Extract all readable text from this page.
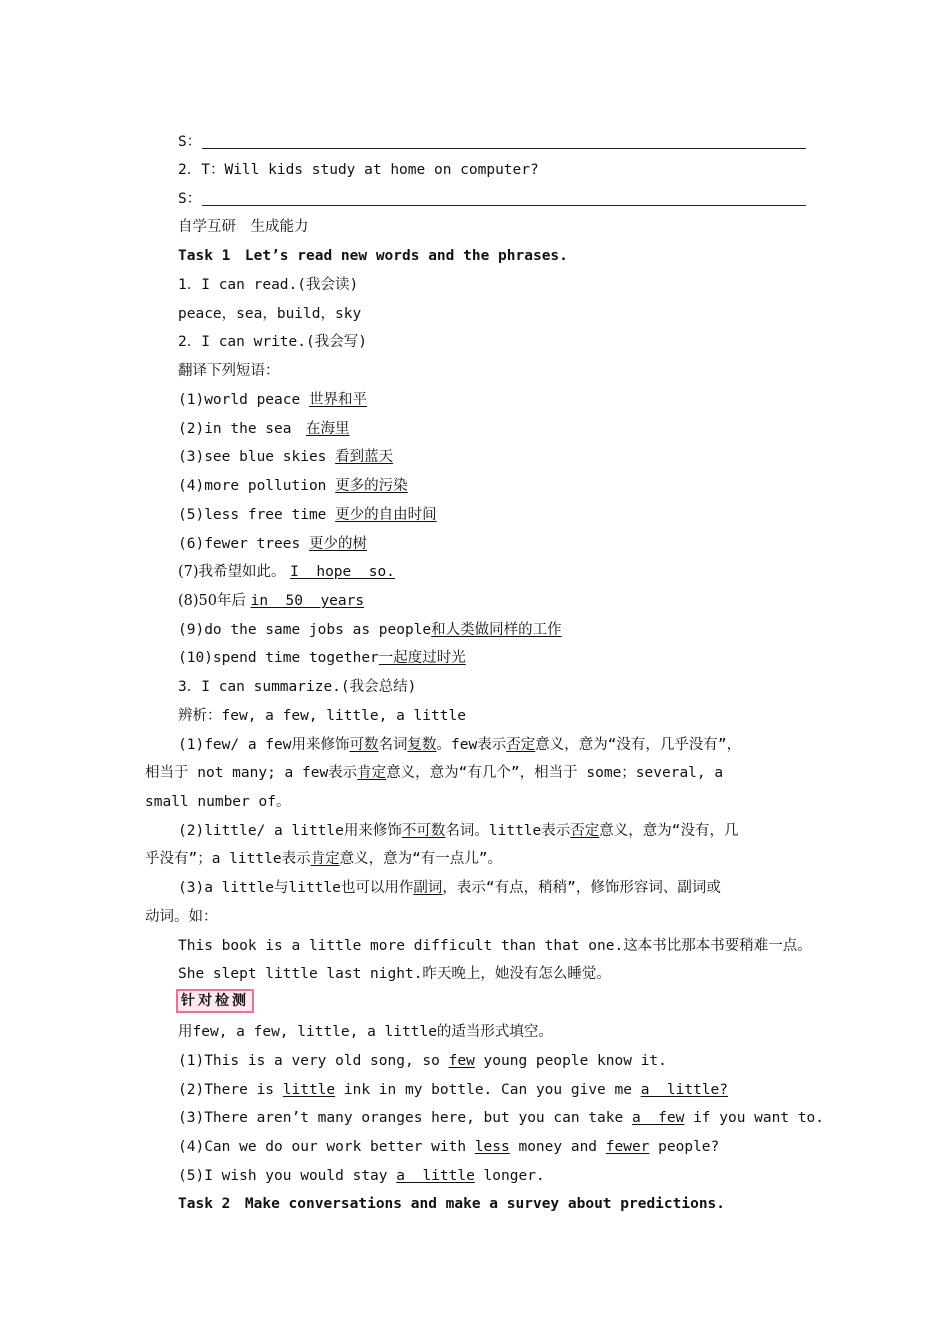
S：
2．T：Will kids study at home on computer?
S：
自学互研　生成能力
Task 1　Let’s read new words and the phrases.
1．I can read.(我会读)
peace，sea，build，sky
2．I can write.(我会写)
翻译下列短语：
(1)world peace 世界和平
(2)in the sea　在海里
(3)see blue skies 看到蓝天
(4)more pollution 更多的污染
(5)less free time 更少的自由时间
(6)fewer trees 更少的树
(7)我希望如此。 I  hope  so.
(8)50年后 in  50  years
(9)do the same jobs as people和人类做同样的工作
(10)spend time together一起度过时光
3．I can summarize.(我会总结)
辨析：few, a few, little, a little
(1)few/ a few用来修饰可数名词复数。few表示否定意义，意为“没有，几乎没有”，
相当于 not many; a few表示肯定意义，意为“有几个”，相当于 some；several, a
small number of。
(2)little/ a little用来修饰不可数名词。little表示否定意义，意为“没有，几
乎没有”；a little表示肯定意义，意为“有一点儿”。
(3)a little与little也可以用作副词，表示“有点，稍稍”，修饰形容词、副词或
动词。如：
This book is a little more difficult than that one.这本书比那本书要稍难一点。
She slept little last night.昨天晚上，她没有怎么睡觉。
针对检测
用few, a few, little, a little的适当形式填空。
(1)This is a very old song, so few young people know it.
(2)There is little ink in my bottle. Can you give me a  little?
(3)There aren’t many oranges here, but you can take a  few if you want to.
(4)Can we do our work better with less money and fewer people?
(5)I wish you would stay a  little longer.
Task 2　Make conversations and make a survey about predictions.
